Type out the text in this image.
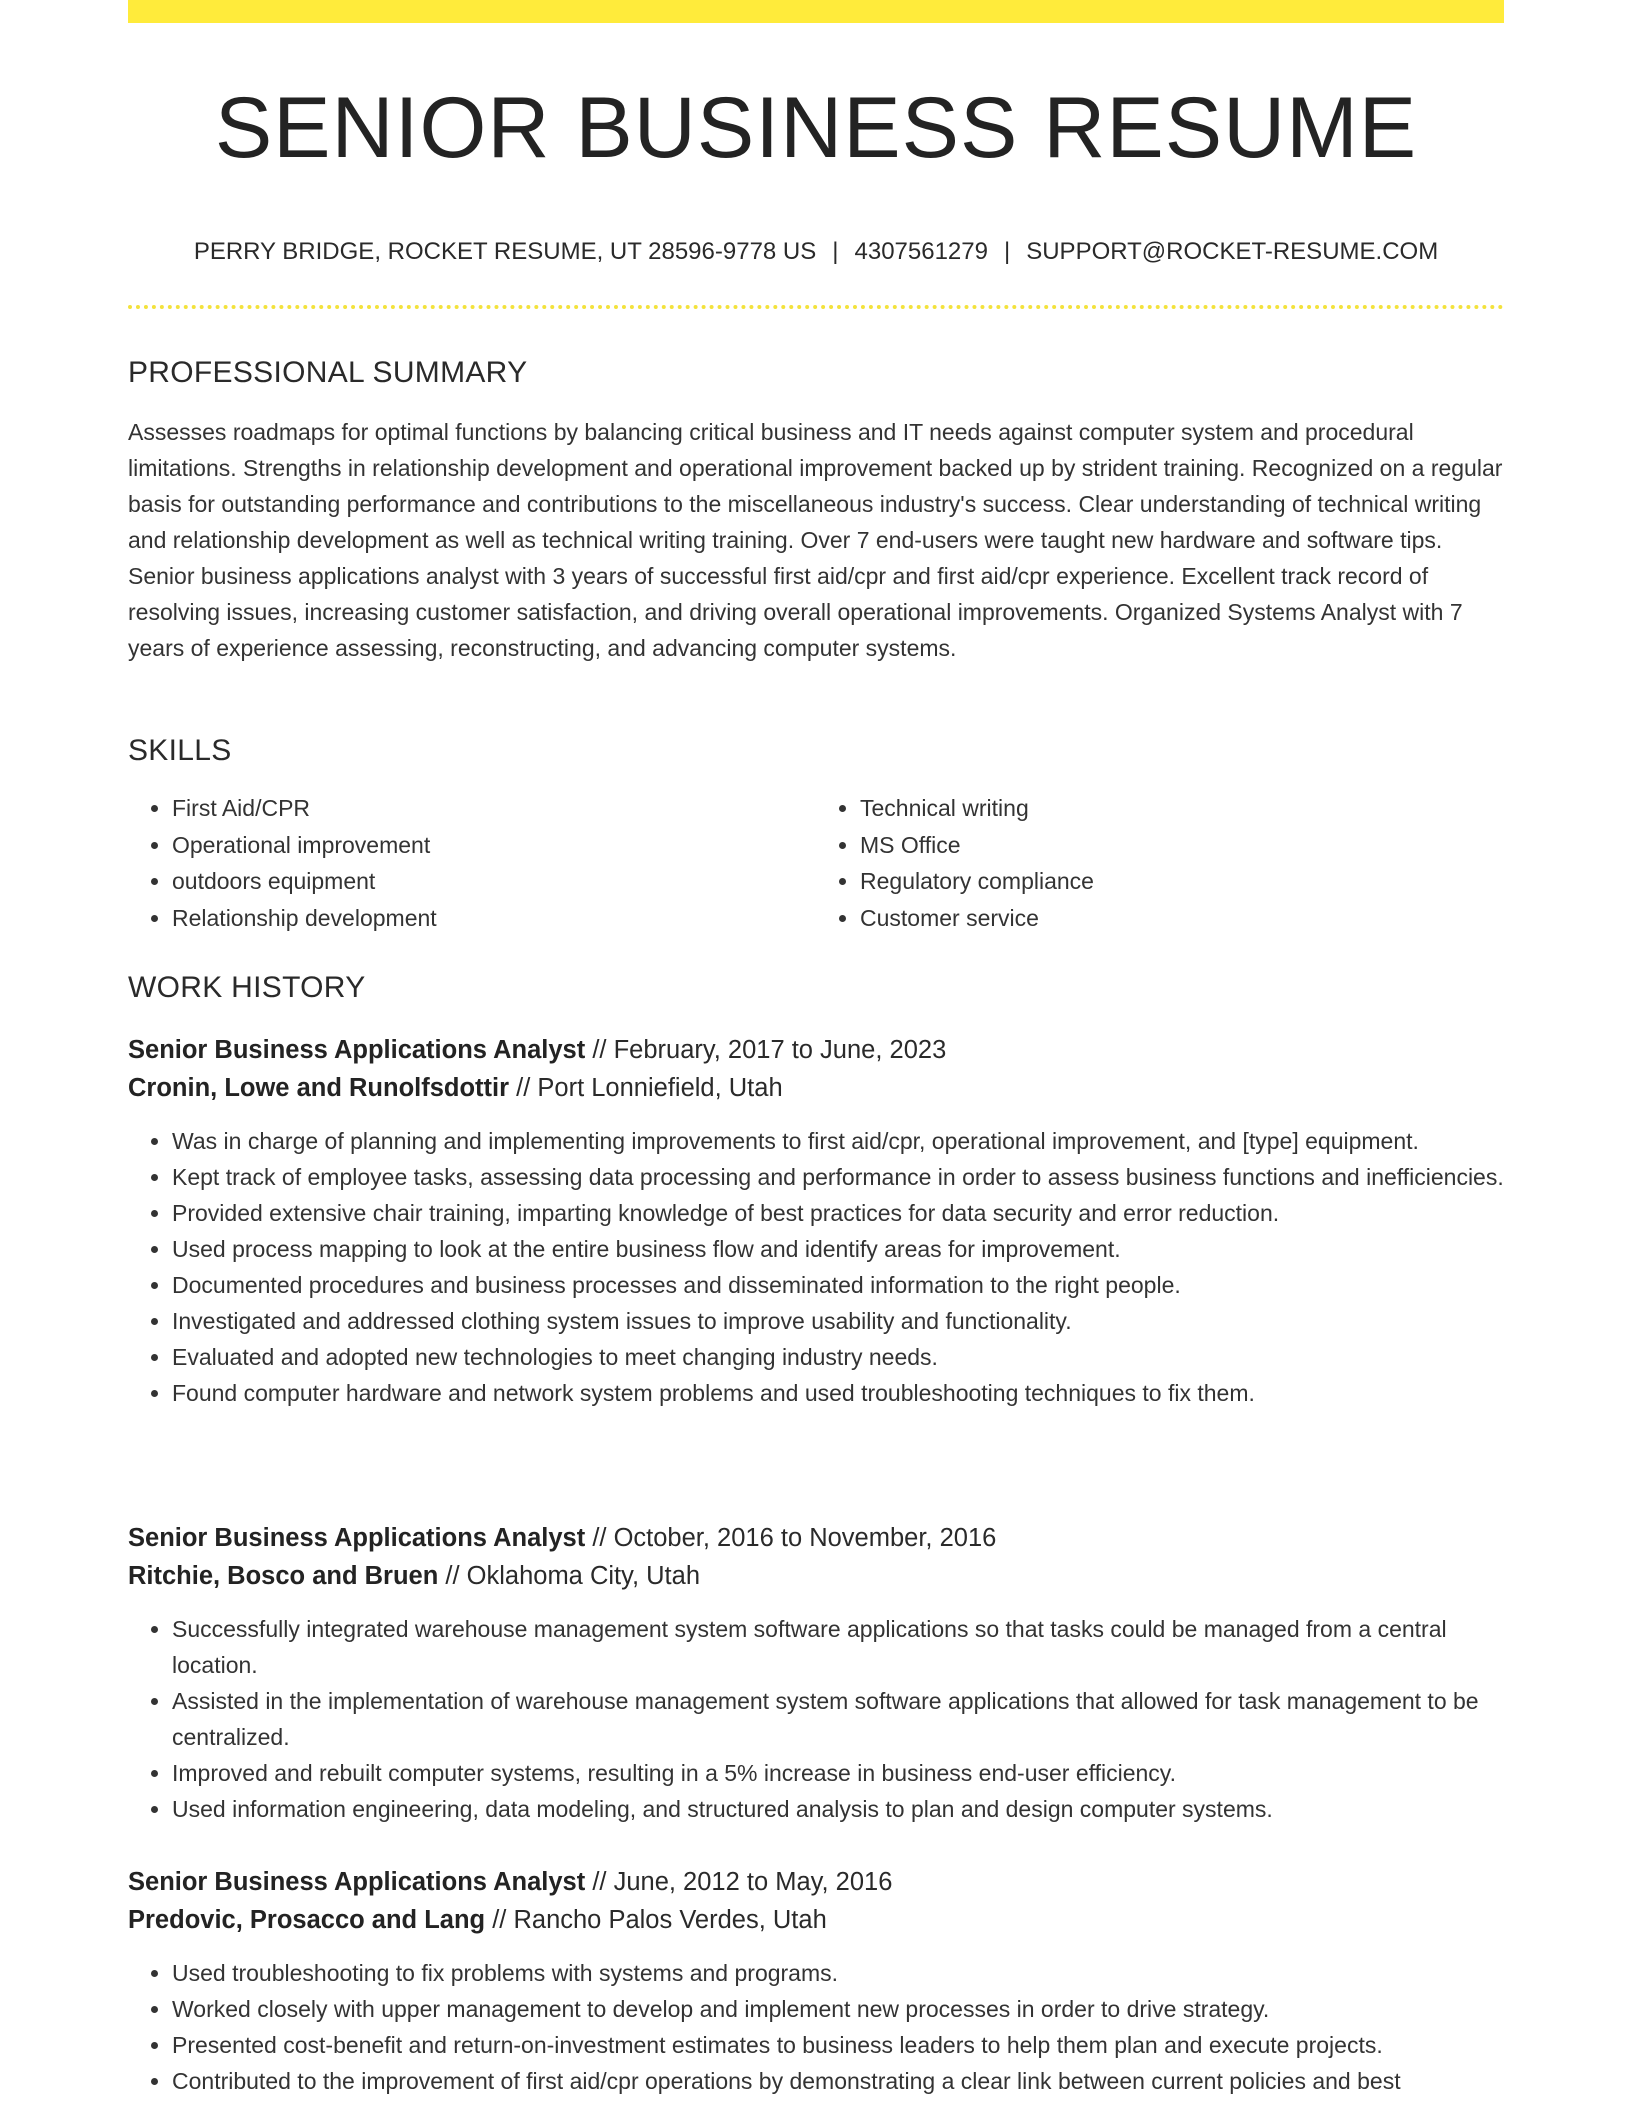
SENIOR BUSINESS RESUME
PERRY BRIDGE, ROCKET RESUME, UT 28596-9778 US | 4307561279 | SUPPORT@ROCKET-RESUME.COM
PROFESSIONAL SUMMARY

Assesses roadmaps for optimal functions by balancing critical business and IT needs against computer system and procedural limitations. Strengths in relationship development and operational improvement backed up by strident training. Recognized on a regular basis for outstanding performance and contributions to the miscellaneous industry's success. Clear understanding of technical writing and relationship development as well as technical writing training. Over 7 end-users were taught new hardware and software tips. Senior business applications analyst with 3 years of successful first aid/cpr and first aid/cpr experience. Excellent track record of resolving issues, increasing customer satisfaction, and driving overall operational improvements. Organized Systems Analyst with 7 years of experience assessing, reconstructing, and advancing computer systems.

SKILLS
• First Aid/CPR
• Operational improvement
• outdoors equipment
• Relationship development
• Technical writing
• MS Office
• Regulatory compliance
• Customer service
WORK HISTORY
Senior Business Applications Analyst // February, 2017 to June, 2023
Cronin, Lowe and Runolfsdottir // Port Lonniefield, Utah
• Was in charge of planning and implementing improvements to first aid/cpr, operational improvement, and [type] equipment.
• Kept track of employee tasks, assessing data processing and performance in order to assess business functions and inefficiencies.
• Provided extensive chair training, imparting knowledge of best practices for data security and error reduction.
• Used process mapping to look at the entire business flow and identify areas for improvement.
• Documented procedures and business processes and disseminated information to the right people.
• Investigated and addressed clothing system issues to improve usability and functionality.
• Evaluated and adopted new technologies to meet changing industry needs.
• Found computer hardware and network system problems and used troubleshooting techniques to fix them.
Senior Business Applications Analyst // October, 2016 to November, 2016
Ritchie, Bosco and Bruen // Oklahoma City, Utah
• Successfully integrated warehouse management system software applications so that tasks could be managed from a central location.
• Assisted in the implementation of warehouse management system software applications that allowed for task management to be centralized.
• Improved and rebuilt computer systems, resulting in a 5% increase in business end-user efficiency.
• Used information engineering, data modeling, and structured analysis to plan and design computer systems.
Senior Business Applications Analyst // June, 2012 to May, 2016
Predovic, Prosacco and Lang // Rancho Palos Verdes, Utah
• Used troubleshooting to fix problems with systems and programs.
• Worked closely with upper management to develop and implement new processes in order to drive strategy.
• Presented cost-benefit and return-on-investment estimates to business leaders to help them plan and execute projects.
• Contributed to the improvement of first aid/cpr operations by demonstrating a clear link between current policies and best
